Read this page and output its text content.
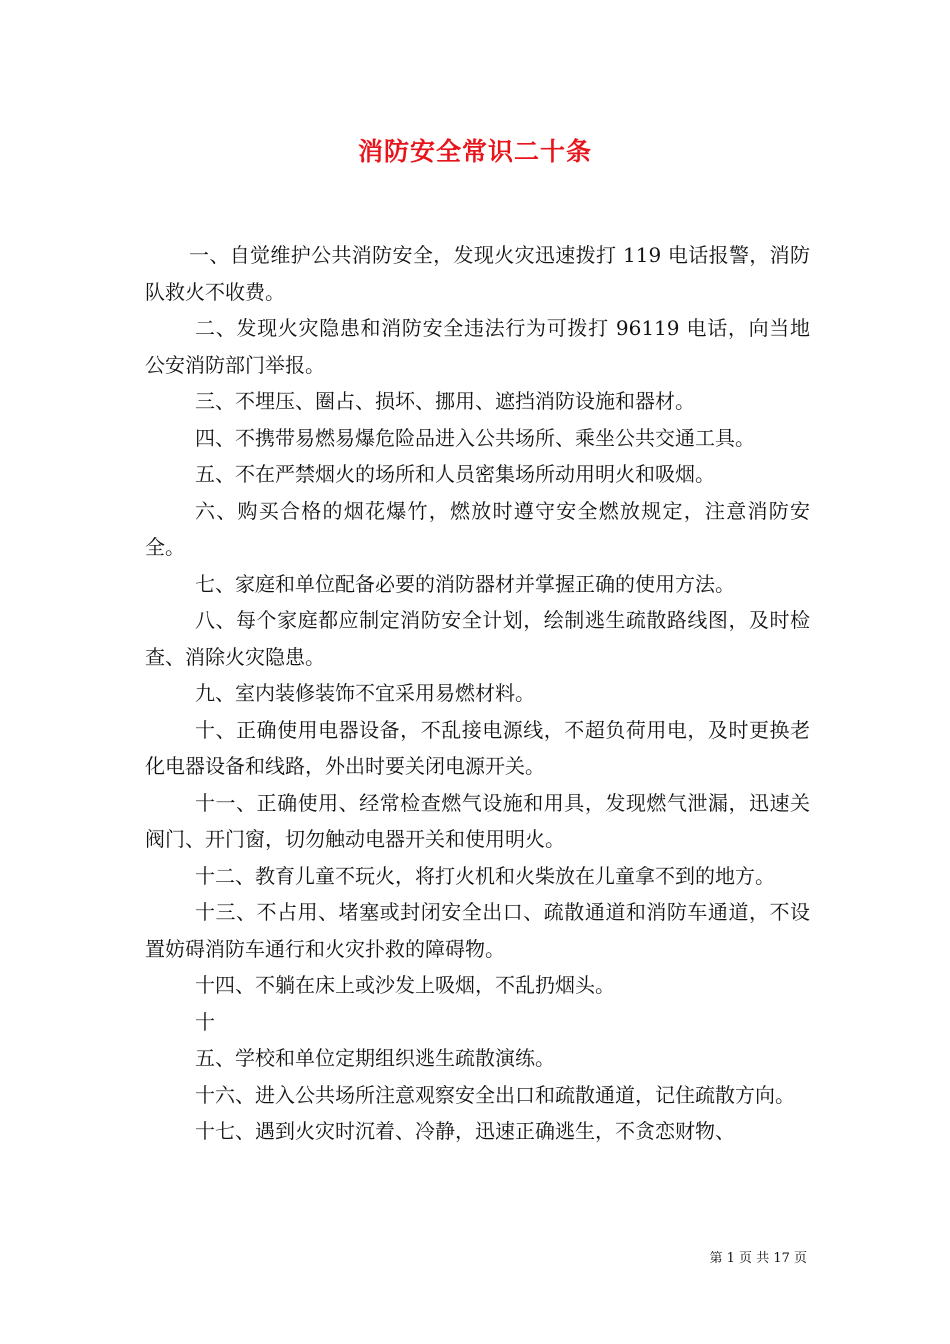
消防安全常识二十条

一、自觉维护公共消防安全，发现火灾迅速拨打 119 电话报警，消防队救火不收费。

二、发现火灾隐患和消防安全违法行为可拨打 96119 电话，向当地公安消防部门举报。

三、不埋压、圈占、损坏、挪用、遮挡消防设施和器材。

四、不携带易燃易爆危险品进入公共场所、乘坐公共交通工具。

五、不在严禁烟火的场所和人员密集场所动用明火和吸烟。

六、购买合格的烟花爆竹，燃放时遵守安全燃放规定，注意消防安全。

七、家庭和单位配备必要的消防器材并掌握正确的使用方法。

八、每个家庭都应制定消防安全计划，绘制逃生疏散路线图，及时检查、消除火灾隐患。

九、室内装修装饰不宜采用易燃材料。

十、正确使用电器设备，不乱接电源线，不超负荷用电，及时更换老化电器设备和线路，外出时要关闭电源开关。

十一、正确使用、经常检查燃气设施和用具，发现燃气泄漏，迅速关阀门、开门窗，切勿触动电器开关和使用明火。

十二、教育儿童不玩火，将打火机和火柴放在儿童拿不到的地方。

十三、不占用、堵塞或封闭安全出口、疏散通道和消防车通道，不设置妨碍消防车通行和火灾扑救的障碍物。

十四、不躺在床上或沙发上吸烟，不乱扔烟头。

十

五、学校和单位定期组织逃生疏散演练。

十六、进入公共场所注意观察安全出口和疏散通道，记住疏散方向。

十七、遇到火灾时沉着、冷静，迅速正确逃生，不贪恋财物、

第 1 页 共 17 页
